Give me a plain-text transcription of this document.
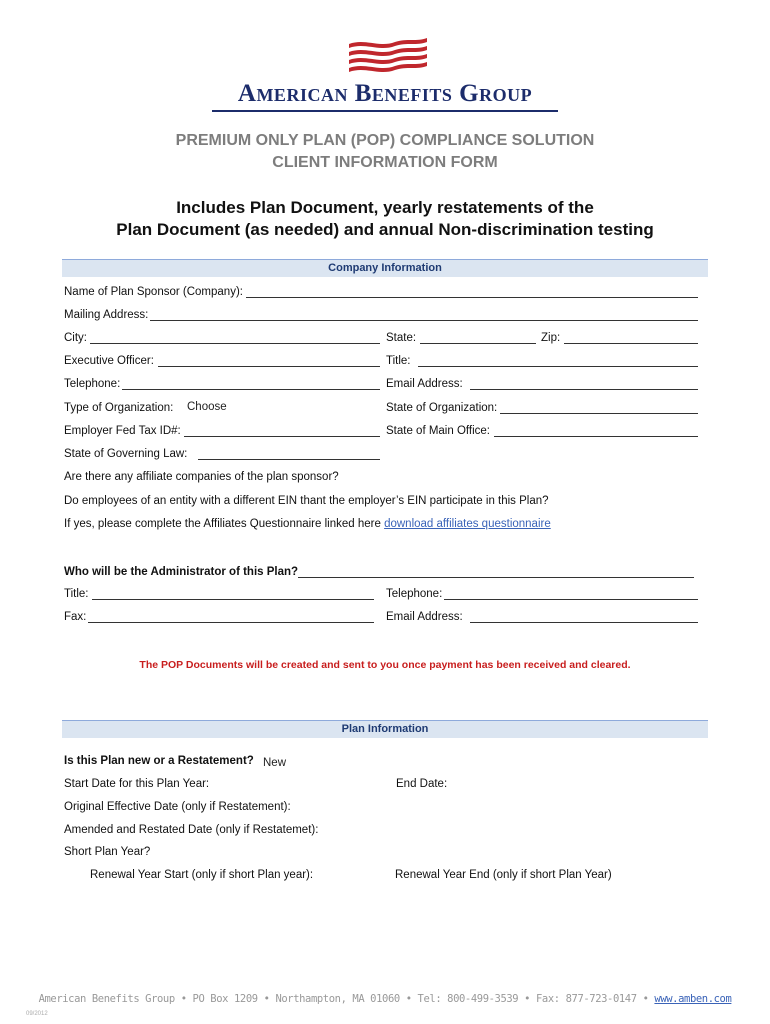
American Benefits Group
PREMIUM ONLY PLAN (POP) COMPLIANCE SOLUTION
CLIENT INFORMATION FORM
Includes Plan Document, yearly restatements of the
Plan Document (as needed) and annual Non-discrimination testing
Company Information
Name of Plan Sponsor (Company):
Mailing Address:
City:	State:	Zip:
Executive Officer:	Title:
Telephone:	Email Address:
Type of Organization: Choose	State of Organization:
Employer Fed Tax ID#:	State of Main Office:
State of Governing Law:
Are there any affiliate companies of the plan sponsor?
Do employees of an entity with a different EIN thant the employer’s EIN participate in this Plan?
If yes, please complete the Affiliates Questionnaire linked here download affiliates questionnaire
Who will be the Administrator of this Plan?
Title:	Telephone:
Fax:	Email Address:
The POP Documents will be created and sent to you once payment has been received and cleared.
Plan Information
Is this Plan new or a Restatement? New
Start Date for this Plan Year:	End Date:
Original Effective Date (only if Restatement):
Amended and Restated Date (only if Restatemet):
Short Plan Year?
Renewal Year Start (only if short Plan year):	Renewal Year End (only if short Plan Year)
American Benefits Group • PO Box 1209 • Northampton, MA 01060 • Tel: 800-499-3539 • Fax: 877-723-0147 • www.amben.com
09/2012
